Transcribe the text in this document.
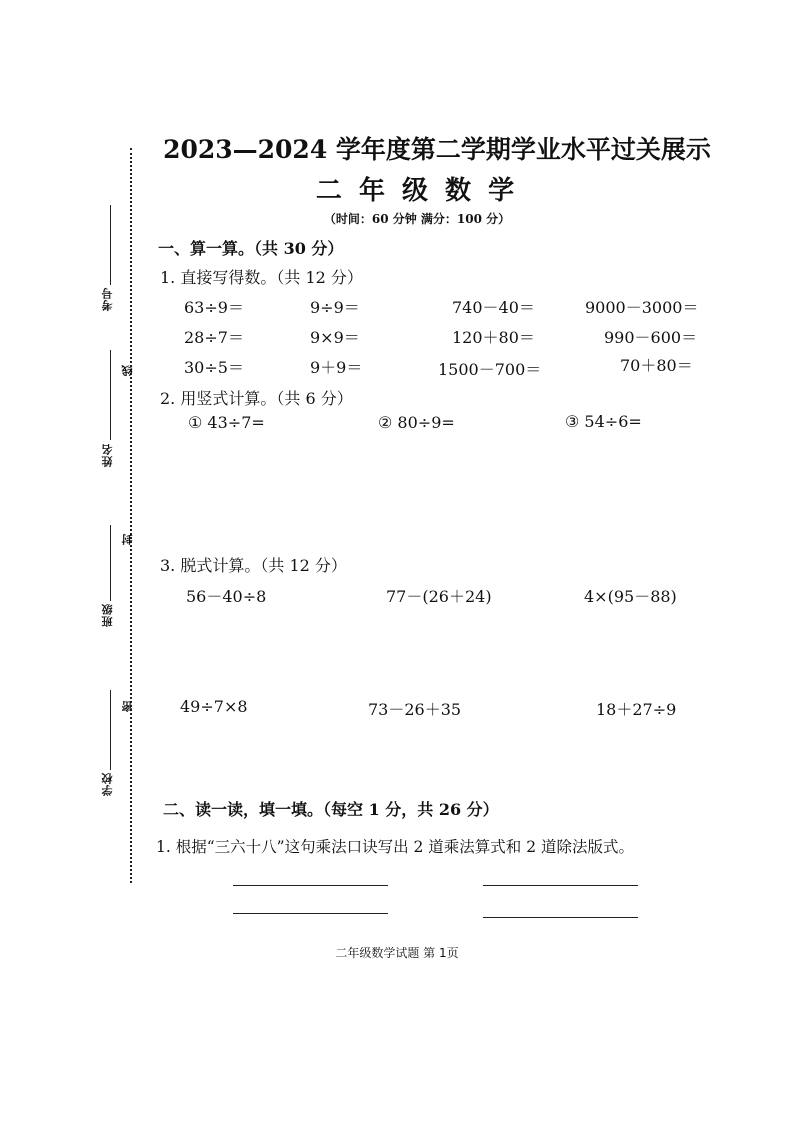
考号
姓名
班级
学校
线
封
密
2023—2024 学年度第二学期学业水平过关展示
二 年 级 数 学
（时间：60 分钟 满分：100 分）
一、算一算。（共 30 分）
1. 直接写得数。（共 12 分）
63÷9＝	9÷9＝	740－40＝	9000－3000＝
28÷7＝	9×9＝	120＋80＝	990－600＝
30÷5＝	9＋9＝	1500－700＝	70＋80＝
2. 用竖式计算。（共 6 分）
① 43÷7=	② 80÷9=	③ 54÷6=
3. 脱式计算。（共 12 分）
56－40÷8	77－(26＋24)	4×(95－88)
49÷7×8	73－26＋35	18＋27÷9
二、读一读，填一填。（每空 1 分，共 26 分）
1. 根据“三六十八”这句乘法口诀写出 2 道乘法算式和 2 道除法版式。
二年级数学试题 第 1页
